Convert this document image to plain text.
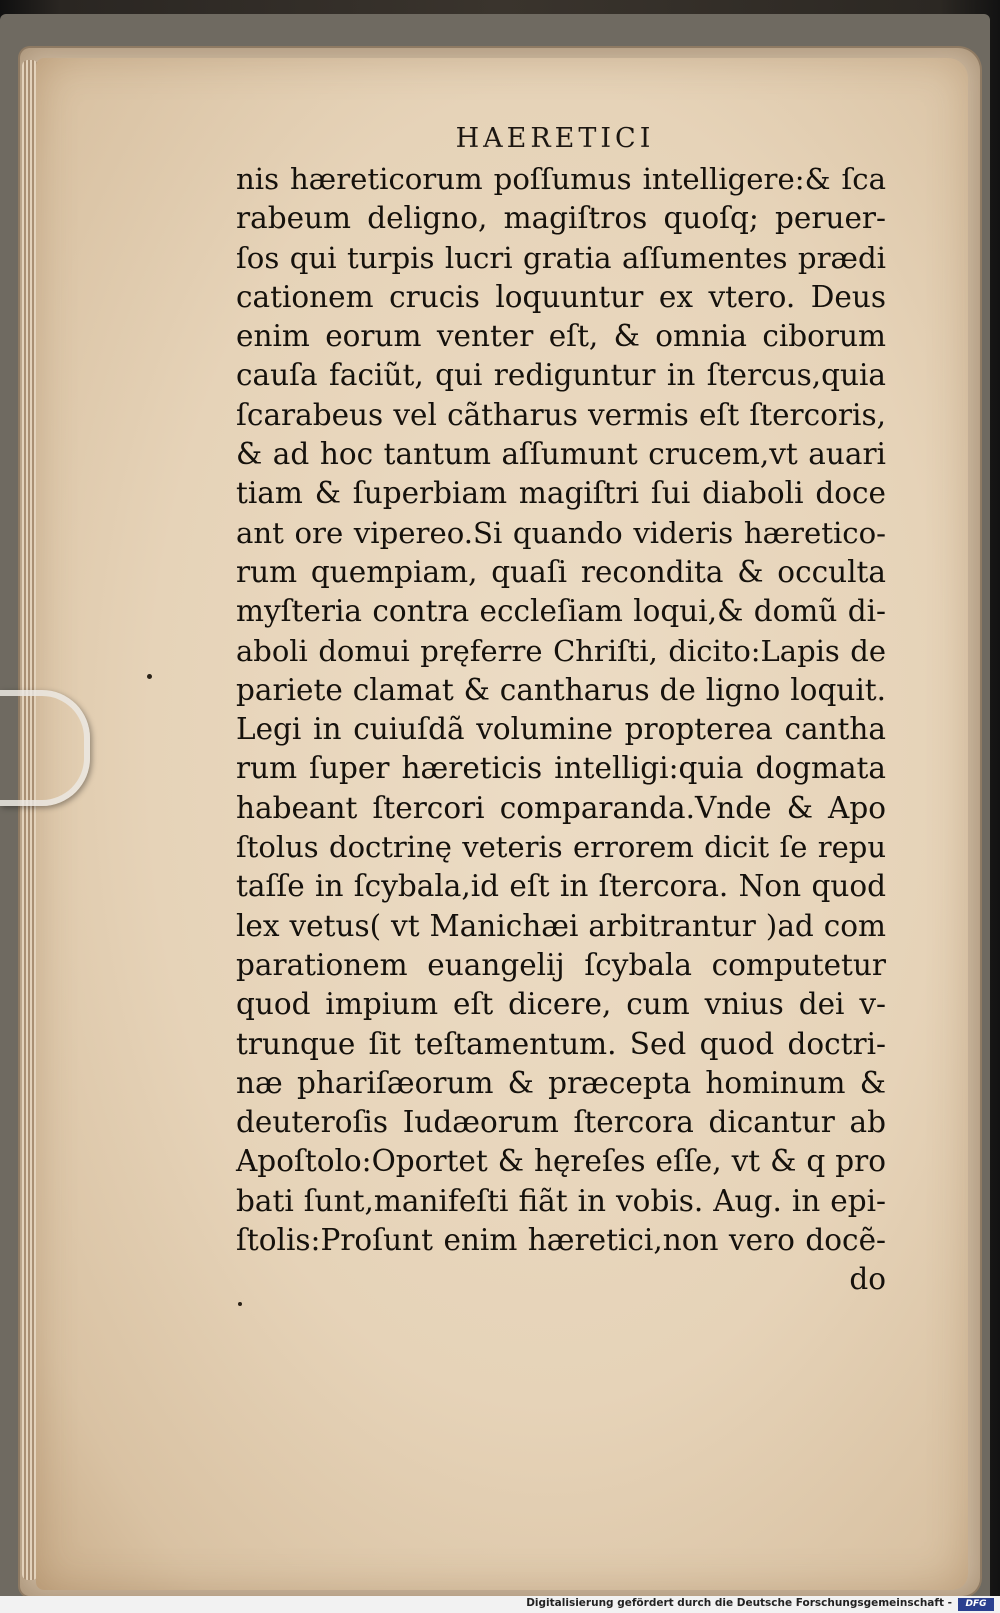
HAERETICI
nis hæreticorum poſſumus intelligere:& ſca
rabeum deligno, magiſtros quoſq; peruer-
ſos qui turpis lucri gratia aſſumentes prædi
cationem crucis loquuntur ex vtero. Deus
enim eorum venter eſt, & omnia ciborum
cauſa faciũt, qui rediguntur in ſtercus,quia
ſcarabeus vel cãtharus vermis eſt ſtercoris,
& ad hoc tantum aſſumunt crucem,vt auari
tiam & ſuperbiam magiſtri ſui diaboli doce
ant ore vipereo.Si quando videris hæretico-
rum quempiam, quaſi recondita & occulta
myſteria contra eccleſiam loqui,& domũ di-
aboli domui pręferre Chriſti, dicito:Lapis de
pariete clamat & cantharus de ligno loquit.
Legi in cuiuſdã volumine propterea cantha
rum ſuper hæreticis intelligi:quia dogmata
habeant ſtercori comparanda.Vnde & Apo
ſtolus doctrinę veteris errorem dicit ſe repu
taſſe in ſcybala,id eſt in ſtercora. Non quod
lex vetus( vt Manichæi arbitrantur )ad com
parationem euangelij ſcybala computetur
quod impium eſt dicere, cum vnius dei v-
trunque ſit teſtamentum. Sed quod doctri-
næ phariſæorum & præcepta hominum &
deuteroſis Iudæorum ſtercora dicantur ab
Apoſtolo:Oportet & hęreſes eſſe, vt & q pro
bati ſunt,manifeſti fiãt in vobis. Aug. in epi-
ſtolis:Proſunt enim hæretici,non vero docẽ-
do
Digitalisierung gefördert durch die Deutsche Forschungsgemeinschaft -	DFG
